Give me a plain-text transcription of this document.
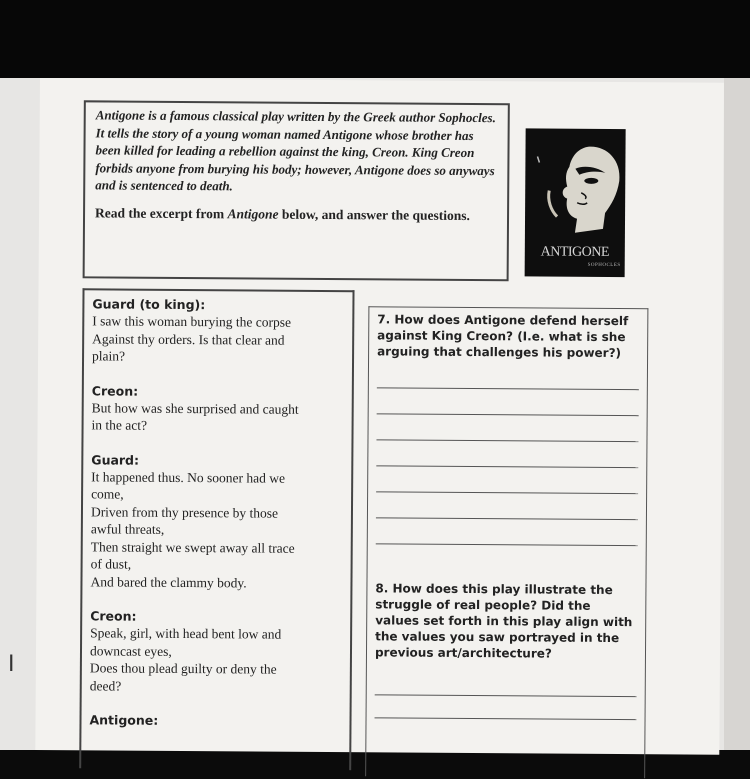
Antigone is a famous classical play written by the Greek author Sophocles. It tells the story of a young woman named Antigone whose brother has been killed for leading a rebellion against the king, Creon. King Creon forbids anyone from burying his body; however, Antigone does so anyways and is sentenced to death.

Read the excerpt from Antigone below, and answer the questions.

ANTIGONE
SOPHOCLES

Guard (to king):

I saw this woman burying the corpse
Against thy orders. Is that clear and
plain?

Creon:

But how was she surprised and caught
in the act?

Guard:

It happened thus. No sooner had we
come,
Driven from thy presence by those
awful threats,
Then straight we swept away all trace
of dust,
And bared the clammy body.

Creon:

Speak, girl, with head bent low and
downcast eyes,
Does thou plead guilty or deny the
deed?

Antigone:

7. How does Antigone defend herself against King Creon? (I.e. what is she arguing that challenges his power?)

8. How does this play illustrate the struggle of real people? Did the values set forth in this play align with the values you saw portrayed in the previous art/architecture?

I
